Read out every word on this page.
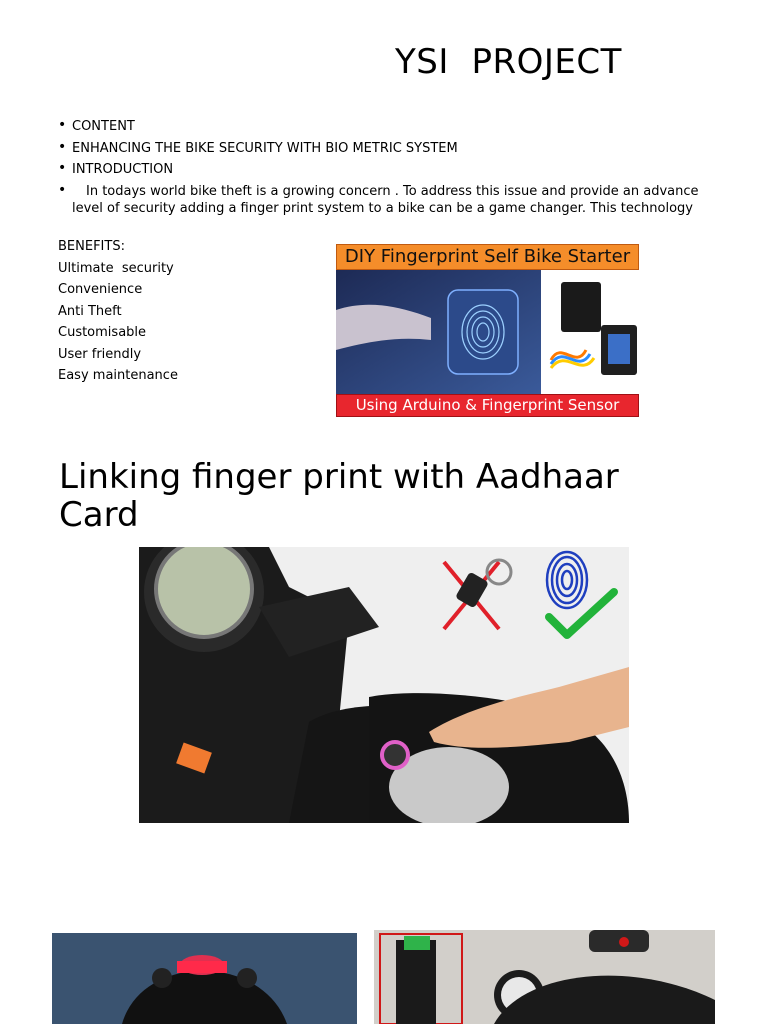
YSI  PROJECT
• CONTENT
• ENHANCING THE BIKE SECURITY WITH BIO METRIC SYSTEM
• INTRODUCTION
• In todays world bike theft is a growing concern . To address this issue and provide an advance level of security adding a finger print system to a bike can be a game changer. This technology
BENEFITS:
Ultimate  security
Convenience
Anti Theft
Customisable
User friendly
Easy maintenance
DIY Fingerprint Self Bike Starter
Using Arduino & Fingerprint Sensor
Linking finger print with Aadhaar Card
